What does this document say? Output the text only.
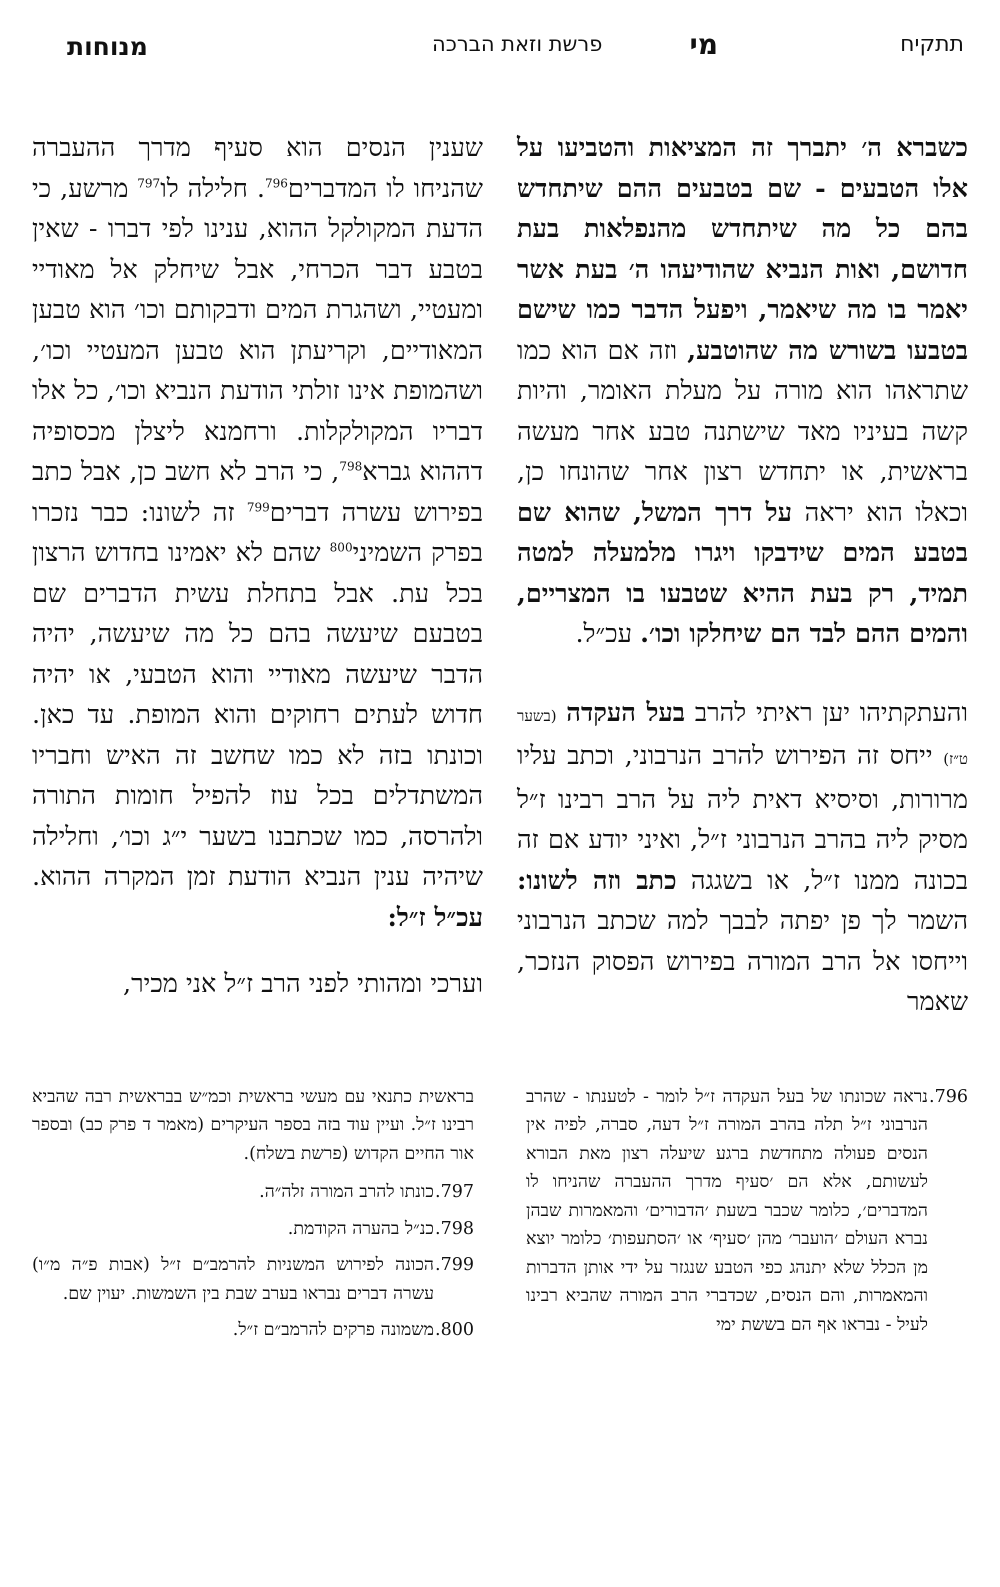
תתקיח
מי
פרשת וזאת הברכה
מנוחות

כשברא ה׳ יתברך זה המציאות והטביעו על אלו הטבעים - שם בטבעים ההם שיתחדש בהם כל מה שיתחדש מהנפלאות בעת חדושם, ואות הנביא שהודיעהו ה׳ בעת אשר יאמר בו מה שיאמר, ויפעל הדבר כמו שישם בטבעו בשורש מה שהוטבע, וזה אם הוא כמו שתראהו הוא מורה על מעלת האומר, והיות קשה בעיניו מאד שישתנה טבע אחר מעשה בראשית, או יתחדש רצון אחר שהונחו כן, וכאלו הוא יראה על דרך המשל, שהוא שם בטבע המים שידבקו ויגרו מלמעלה למטה תמיד, רק בעת ההיא שטבעו בו המצריים, והמים ההם לבד הם שיחלקו וכו׳. עכ״ל.

והעתקתיהו יען ראיתי להרב בעל העקדה (בשער ט״ז) ייחס זה הפירוש להרב הנרבוני, וכתב עליו מרורות, וסיסיא דאית ליה על הרב רבינו ז״ל מסיק ליה בהרב הנרבוני ז״ל, ואיני יודע אם זה בכונה ממנו ז״ל, או בשגגה כתב וזה לשונו: השמר לך פן יפתה לבבך למה שכתב הנרבוני וייחסו אל הרב המורה בפירוש הפסוק הנזכר, שאמר

שענין הנסים הוא סעיף מדרך ההעברה שהניחו לו המדברים$^{796}$. חלילה לו$^{797}$ מרשע, כי הדעת המקולקל ההוא, ענינו לפי דברו - שאין בטבע דבר הכרחי, אבל שיחלק אל מאודיי ומעטיי, ושהגרת המים ודבקותם וכו׳ הוא טבען המאודיים, וקריעתן הוא טבען המעטיי וכו׳, ושהמופת אינו זולתי הודעת הנביא וכו׳, כל אלו דבריו המקולקלות. ורחמנא ליצלן מכסופיה דההוא גברא$^{798}$, כי הרב לא חשב כן, אבל כתב בפירוש עשרה דברים$^{799}$ זה לשונו: כבר נזכרו בפרק השמיני$^{800}$ שהם לא יאמינו בחדוש הרצון בכל עת. אבל בתחלת עשית הדברים שם בטבעם שיעשה בהם כל מה שיעשה, יהיה הדבר שיעשה מאודיי והוא הטבעי, או יהיה חדוש לעתים רחוקים והוא המופת. עד כאן. וכונתו בזה לא כמו שחשב זה האיש וחבריו המשתדלים בכל עוז להפיל חומות התורה ולהרסה, כמו שכתבנו בשער י״ג וכו׳, וחלילה שיהיה ענין הנביא הודעת זמן המקרה ההוא. עכ״ל ז״ל:

וערכי ומהותי לפני הרב ז״ל אני מכיר,

796.
נראה שכונתו של בעל העקדה ז״ל לומר - לטענתו - שהרב הנרבוני ז״ל תלה בהרב המורה ז״ל דעה, סברה, לפיה אין הנסים פעולה מתחדשת ברגע שיעלה רצון מאת הבורא לעשותם, אלא הם ׳סעיף מדרך ההעברה שהניחו לו המדברים׳, כלומר שכבר בשעת ׳הדבורים׳ והמאמרות שבהן נברא העולם ׳הועבר׳ מהן ׳סעיף׳ או ׳הסתעפות׳ כלומר יוצא מן הכלל שלא יתנהג כפי הטבע שנגזר על ידי אותן הדברות והמאמרות, והם הנסים, שכדברי הרב המורה שהביא רבינו לעיל - נבראו אף הם בששת ימי
בראשית כתנאי עם מעשי בראשית וכמ״ש בבראשית רבה שהביא רבינו ז״ל. ועיין עוד בזה בספר העיקרים (מאמר ד פרק כב) ובספר אור החיים הקדוש (פרשת בשלח).
797.
כונתו להרב המורה זלה״ה.
798.
כנ״ל בהערה הקודמת.
799.
הכונה לפירוש המשניות להרמב״ם ז״ל (אבות פ״ה מ״ו) עשרה דברים נבראו בערב שבת בין השמשות. יעוין שם.
800.
משמונה פרקים להרמב״ם ז״ל.
